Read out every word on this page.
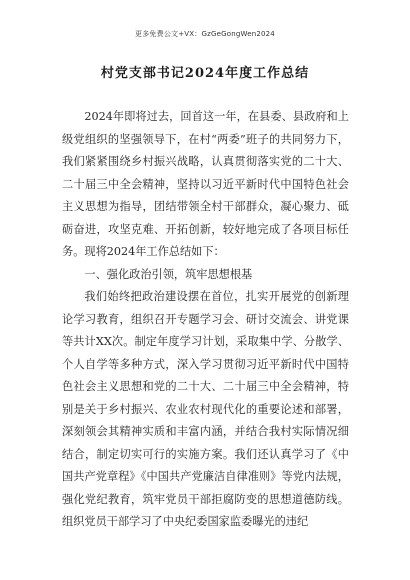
更多免费公文+VX：GzGeGongWen2024
村党支部书记2024年度工作总结

2024年即将过去，回首这一年，在县委、县政府和上级党组织的坚强领导下，在村“两委”班子的共同努力下，我们紧紧围绕乡村振兴战略，认真贯彻落实党的二十大、二十届三中全会精神，坚持以习近平新时代中国特色社会主义思想为指导，团结带领全村干部群众，凝心聚力、砥砺奋进，攻坚克难、开拓创新，较好地完成了各项目标任务。现将2024年工作总结如下：

一、强化政治引领，筑牢思想根基

我们始终把政治建设摆在首位，扎实开展党的创新理论学习教育，组织召开专题学习会、研讨交流会、讲党课等共计XX次。制定年度学习计划，采取集中学、分散学、个人自学等多种方式，深入学习贯彻习近平新时代中国特色社会主义思想和党的二十大、二十届三中全会精神，特别是关于乡村振兴、农业农村现代化的重要论述和部署，深刻领会其精神实质和丰富内涵，并结合我村实际情况细结合，制定切实可行的实施方案。我们还认真学习了《中国共产党章程》《中国共产党廉洁自律准则》等党内法规，强化党纪教育，筑牢党员干部拒腐防变的思想道德防线。组织党员干部学习了中央纪委国家监委曝光的违纪
